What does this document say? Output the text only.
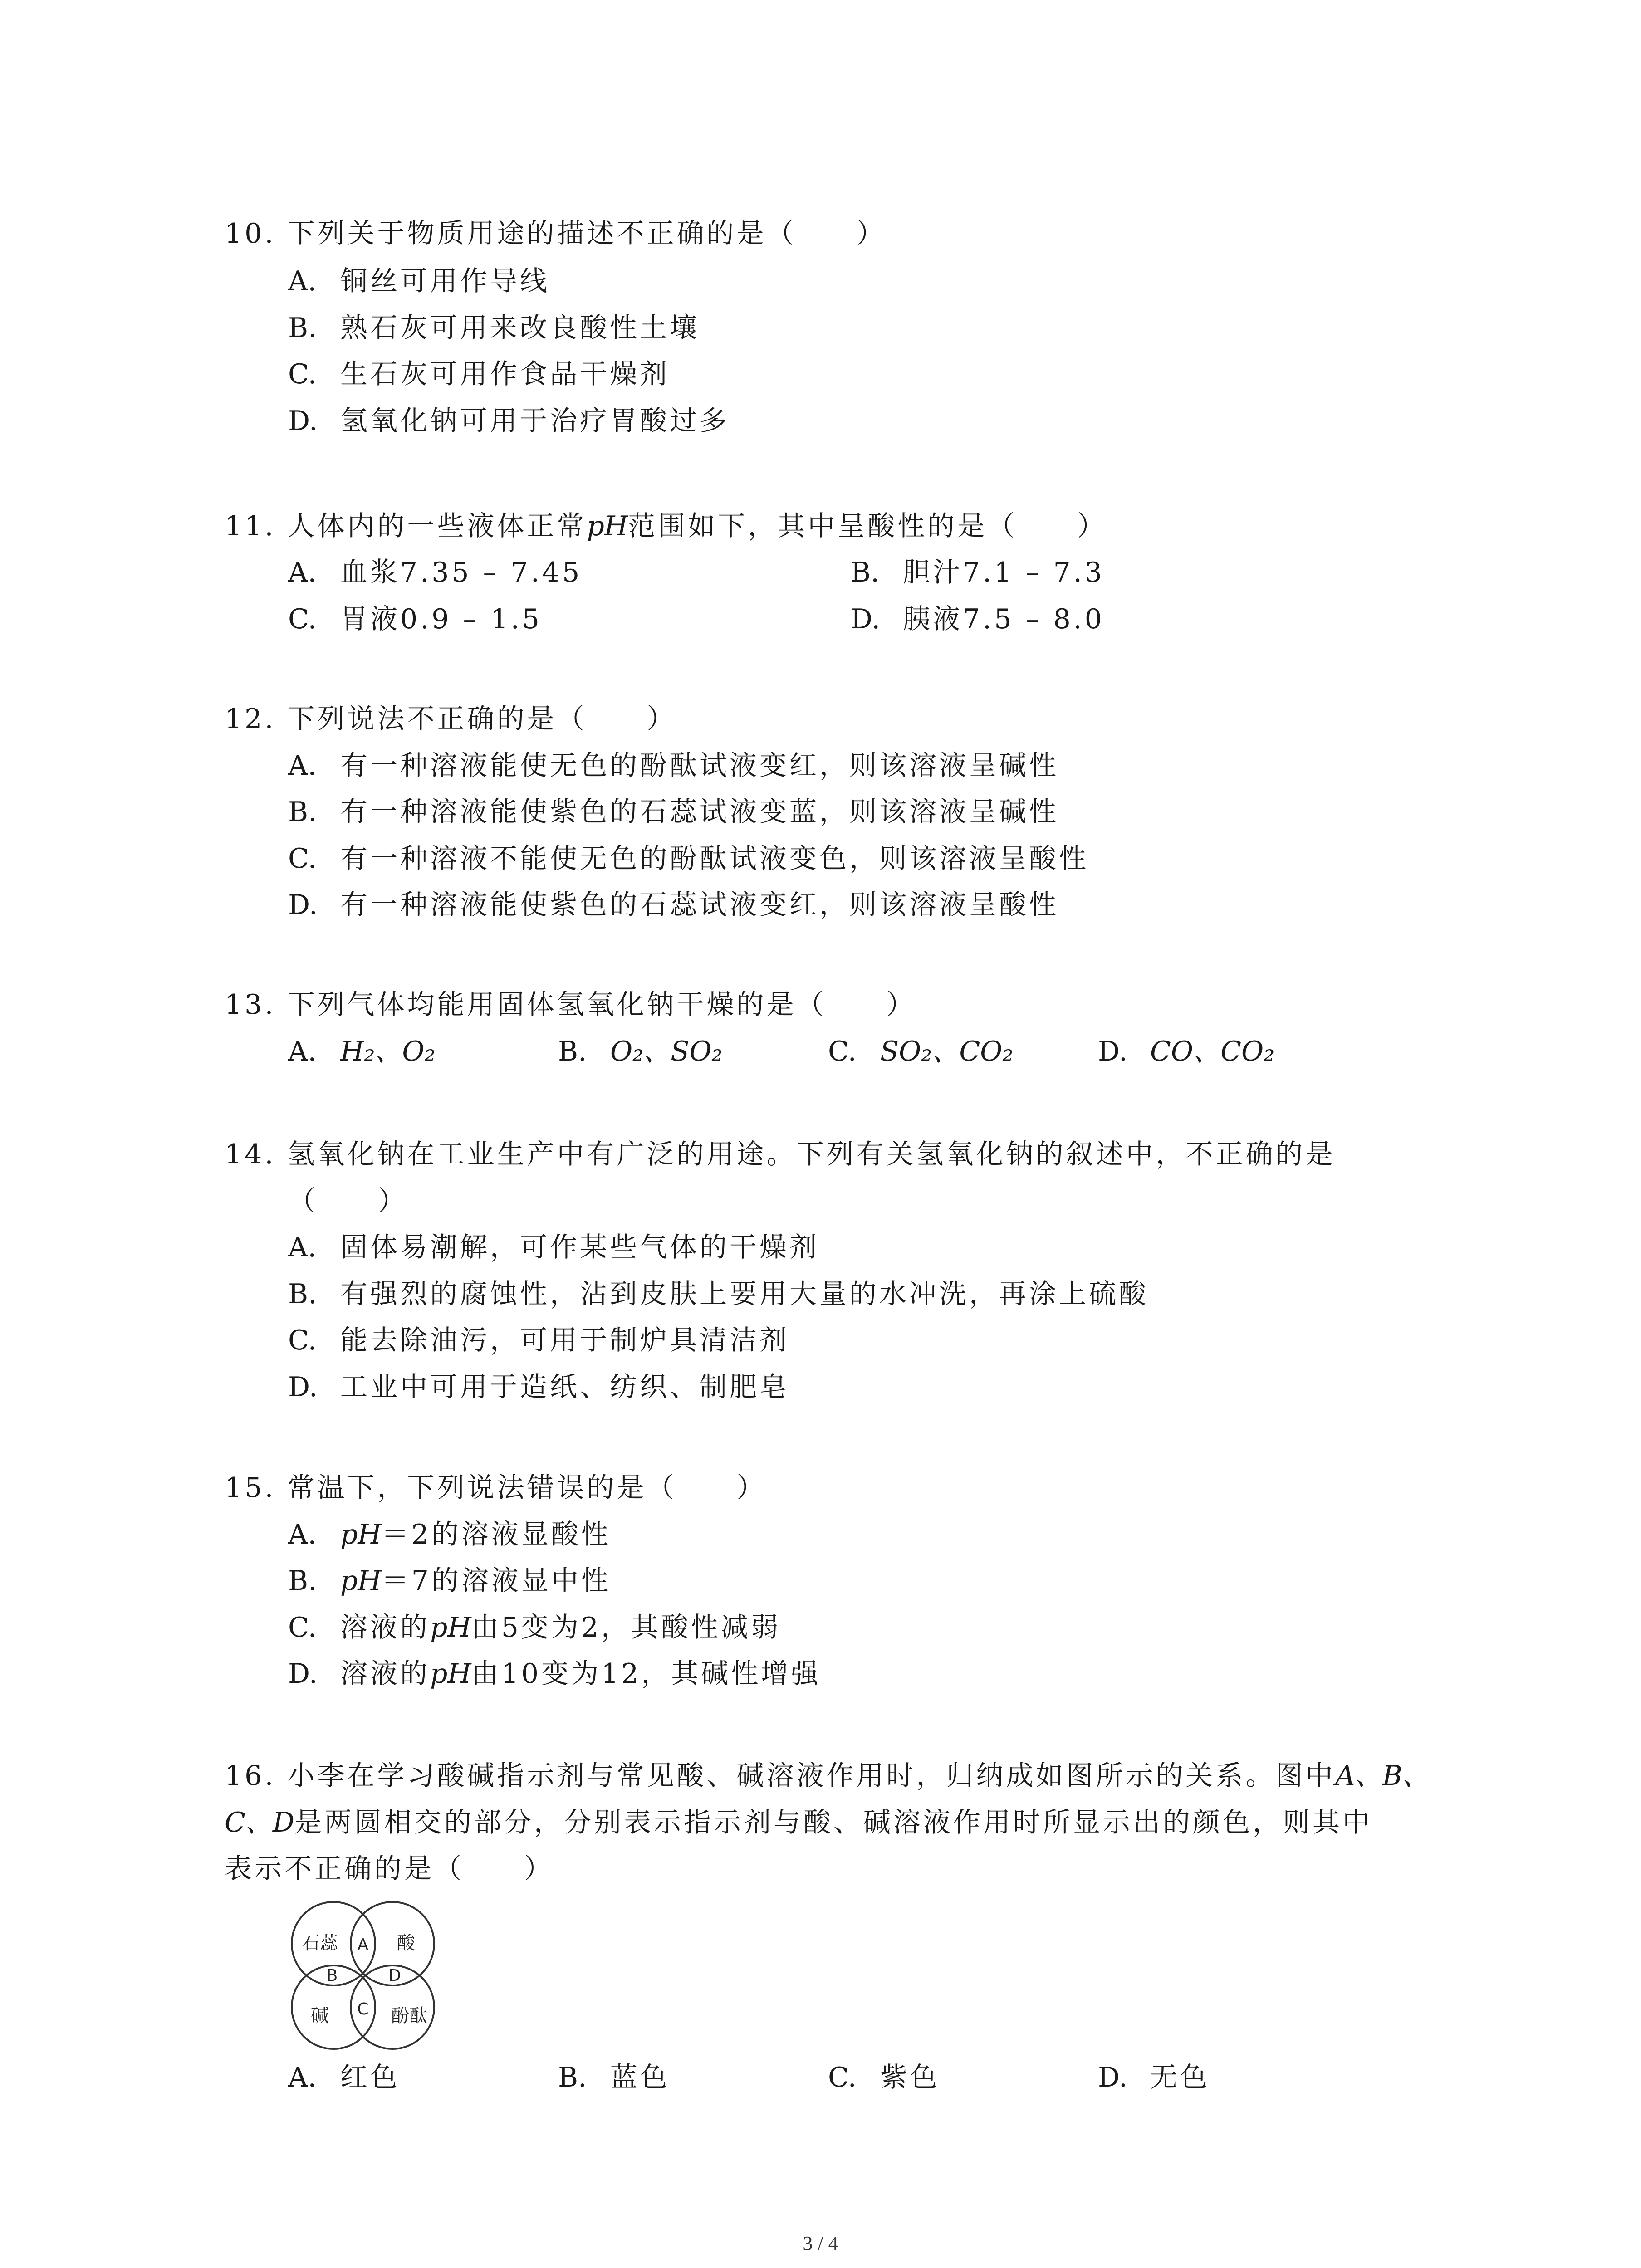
10. 下列关于物质用途的描述不正确的是（　　）
A. 铜丝可用作导线
B. 熟石灰可用来改良酸性土壤
C. 生石灰可用作食品干燥剂
D. 氢氧化钠可用于治疗胃酸过多
11. 人体内的一些液体正常pH范围如下，其中呈酸性的是（　　）
A. 血浆7.35 – 7.45	B. 胆汁7.1 – 7.3
C. 胃液0.9 – 1.5	D. 胰液7.5 – 8.0
12. 下列说法不正确的是（　　）
A. 有一种溶液能使无色的酚酞试液变红，则该溶液呈碱性
B. 有一种溶液能使紫色的石蕊试液变蓝，则该溶液呈碱性
C. 有一种溶液不能使无色的酚酞试液变色，则该溶液呈酸性
D. 有一种溶液能使紫色的石蕊试液变红，则该溶液呈酸性
13. 下列气体均能用固体氢氧化钠干燥的是（　　）
A. H₂、O₂	B. O₂、SO₂	C. SO₂、CO₂	D. CO、CO₂
14. 氢氧化钠在工业生产中有广泛的用途。下列有关氢氧化钠的叙述中，不正确的是
（　　）
A. 固体易潮解，可作某些气体的干燥剂
B. 有强烈的腐蚀性，沾到皮肤上要用大量的水冲洗，再涂上硫酸
C. 能去除油污，可用于制炉具清洁剂
D. 工业中可用于造纸、纺织、制肥皂
15. 常温下，下列说法错误的是（　　）
A. pH＝2的溶液显酸性
B. pH＝7的溶液显中性
C. 溶液的pH由5变为2，其酸性减弱
D. 溶液的pH由10变为12，其碱性增强
16. 小李在学习酸碱指示剂与常见酸、碱溶液作用时，归纳成如图所示的关系。图中A、B、
C、D是两圆相交的部分，分别表示指示剂与酸、碱溶液作用时所显示出的颜色，则其中
表示不正确的是（　　）
石蕊	酸
碱	酚酞
A
B
C
D
A. 红色	B. 蓝色	C. 紫色	D. 无色
3 / 4
